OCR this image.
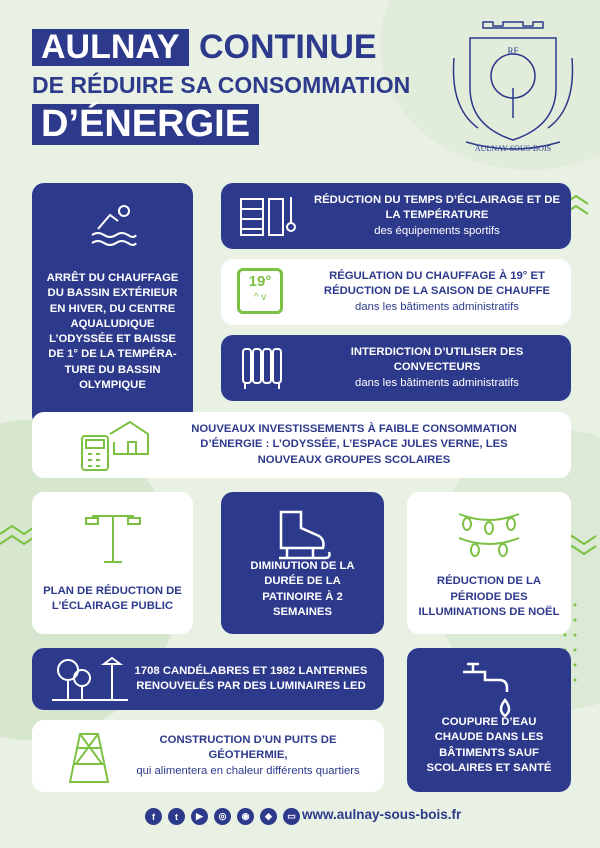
AULNAY CONTINUE
DE RÉDUIRE SA CONSOMMATION
D’ÉNERGIE
RF
AULNAY-SOUS-BOIS
ARRÊT DU CHAUFFAGE DU BASSIN EXTÉRIEUR EN HIVER, DU CENTRE AQUALUDIQUE L’ODYSSÉE ET BAISSE DE 1° DE LA TEMPÉRA-TURE DU BASSIN OLYMPIQUE
RÉDUCTION DU TEMPS D’ÉCLAIRAGE ET DE LA TEMPÉRATURE
des équipements sportifs
19°
^ v
RÉGULATION DU CHAUFFAGE À 19° ET RÉDUCTION DE LA SAISON DE CHAUFFE
dans les bâtiments administratifs
INTERDICTION D’UTILISER DES CONVECTEURS
dans les bâtiments administratifs
NOUVEAUX INVESTISSEMENTS À FAIBLE CONSOMMATION D’ÉNERGIE : L’ODYSSÉE, L’ESPACE JULES VERNE, LES NOUVEAUX GROUPES SCOLAIRES
PLAN DE RÉDUCTION DE L’ÉCLAIRAGE PUBLIC
DIMINUTION DE LA DURÉE DE LA PATINOIRE À 2 SEMAINES
RÉDUCTION DE LA PÉRIODE DES ILLUMINATIONS DE NOËL
1708 CANDÉLABRES ET 1982 LANTERNES RENOUVELÉS PAR DES LUMINAIRES LED
CONSTRUCTION D’UN PUITS DE GÉOTHERMIE,
qui alimentera en chaleur différents quartiers
COUPURE D’EAU CHAUDE DANS LES BÂTIMENTS SAUF SCOLAIRES ET SANTÉ
f	t	▶	◎	◉	◆	▭ www.aulnay-sous-bois.fr
